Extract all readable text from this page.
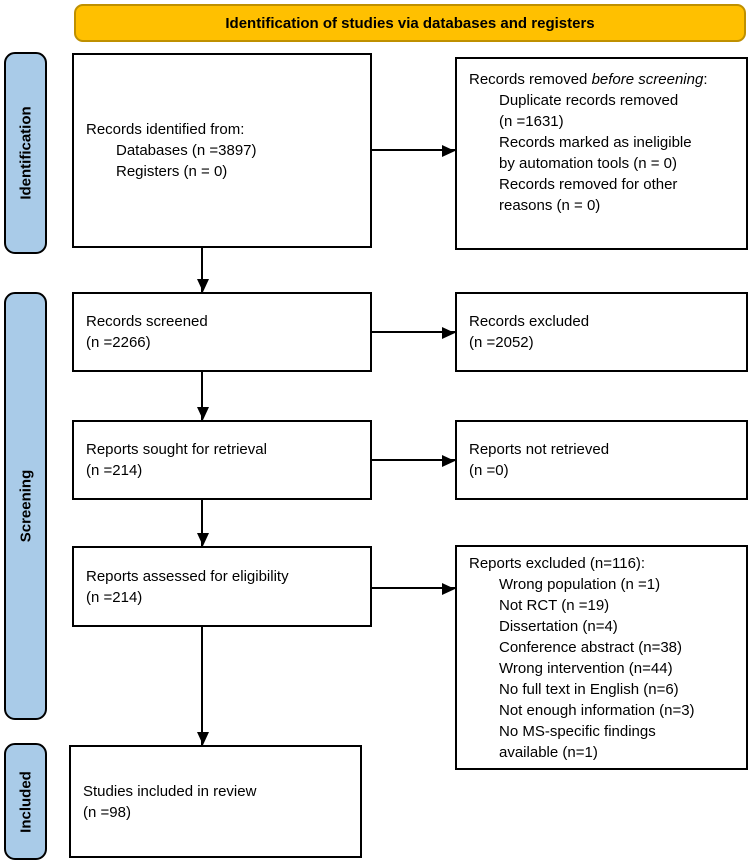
Identification of studies via databases and registers
Identification
Screening
Included
Records identified from:
Databases (n =3897)
Registers (n = 0)
Records removed before screening:
Duplicate records removed
(n =1631)
Records marked as ineligible
by automation tools (n = 0)
Records removed for other
reasons (n = 0)
Records screened
(n =2266)
Records excluded
(n =2052)
Reports sought for retrieval
(n =214)
Reports not retrieved
(n =0)
Reports assessed for eligibility
(n =214)
Reports excluded (n=116):
Wrong population (n =1)
Not RCT (n =19)
Dissertation (n=4)
Conference abstract (n=38)
Wrong intervention (n=44)
No full text in English (n=6)
Not enough information (n=3)
No MS-specific findings
available (n=1)
Studies included in review
(n =98)
